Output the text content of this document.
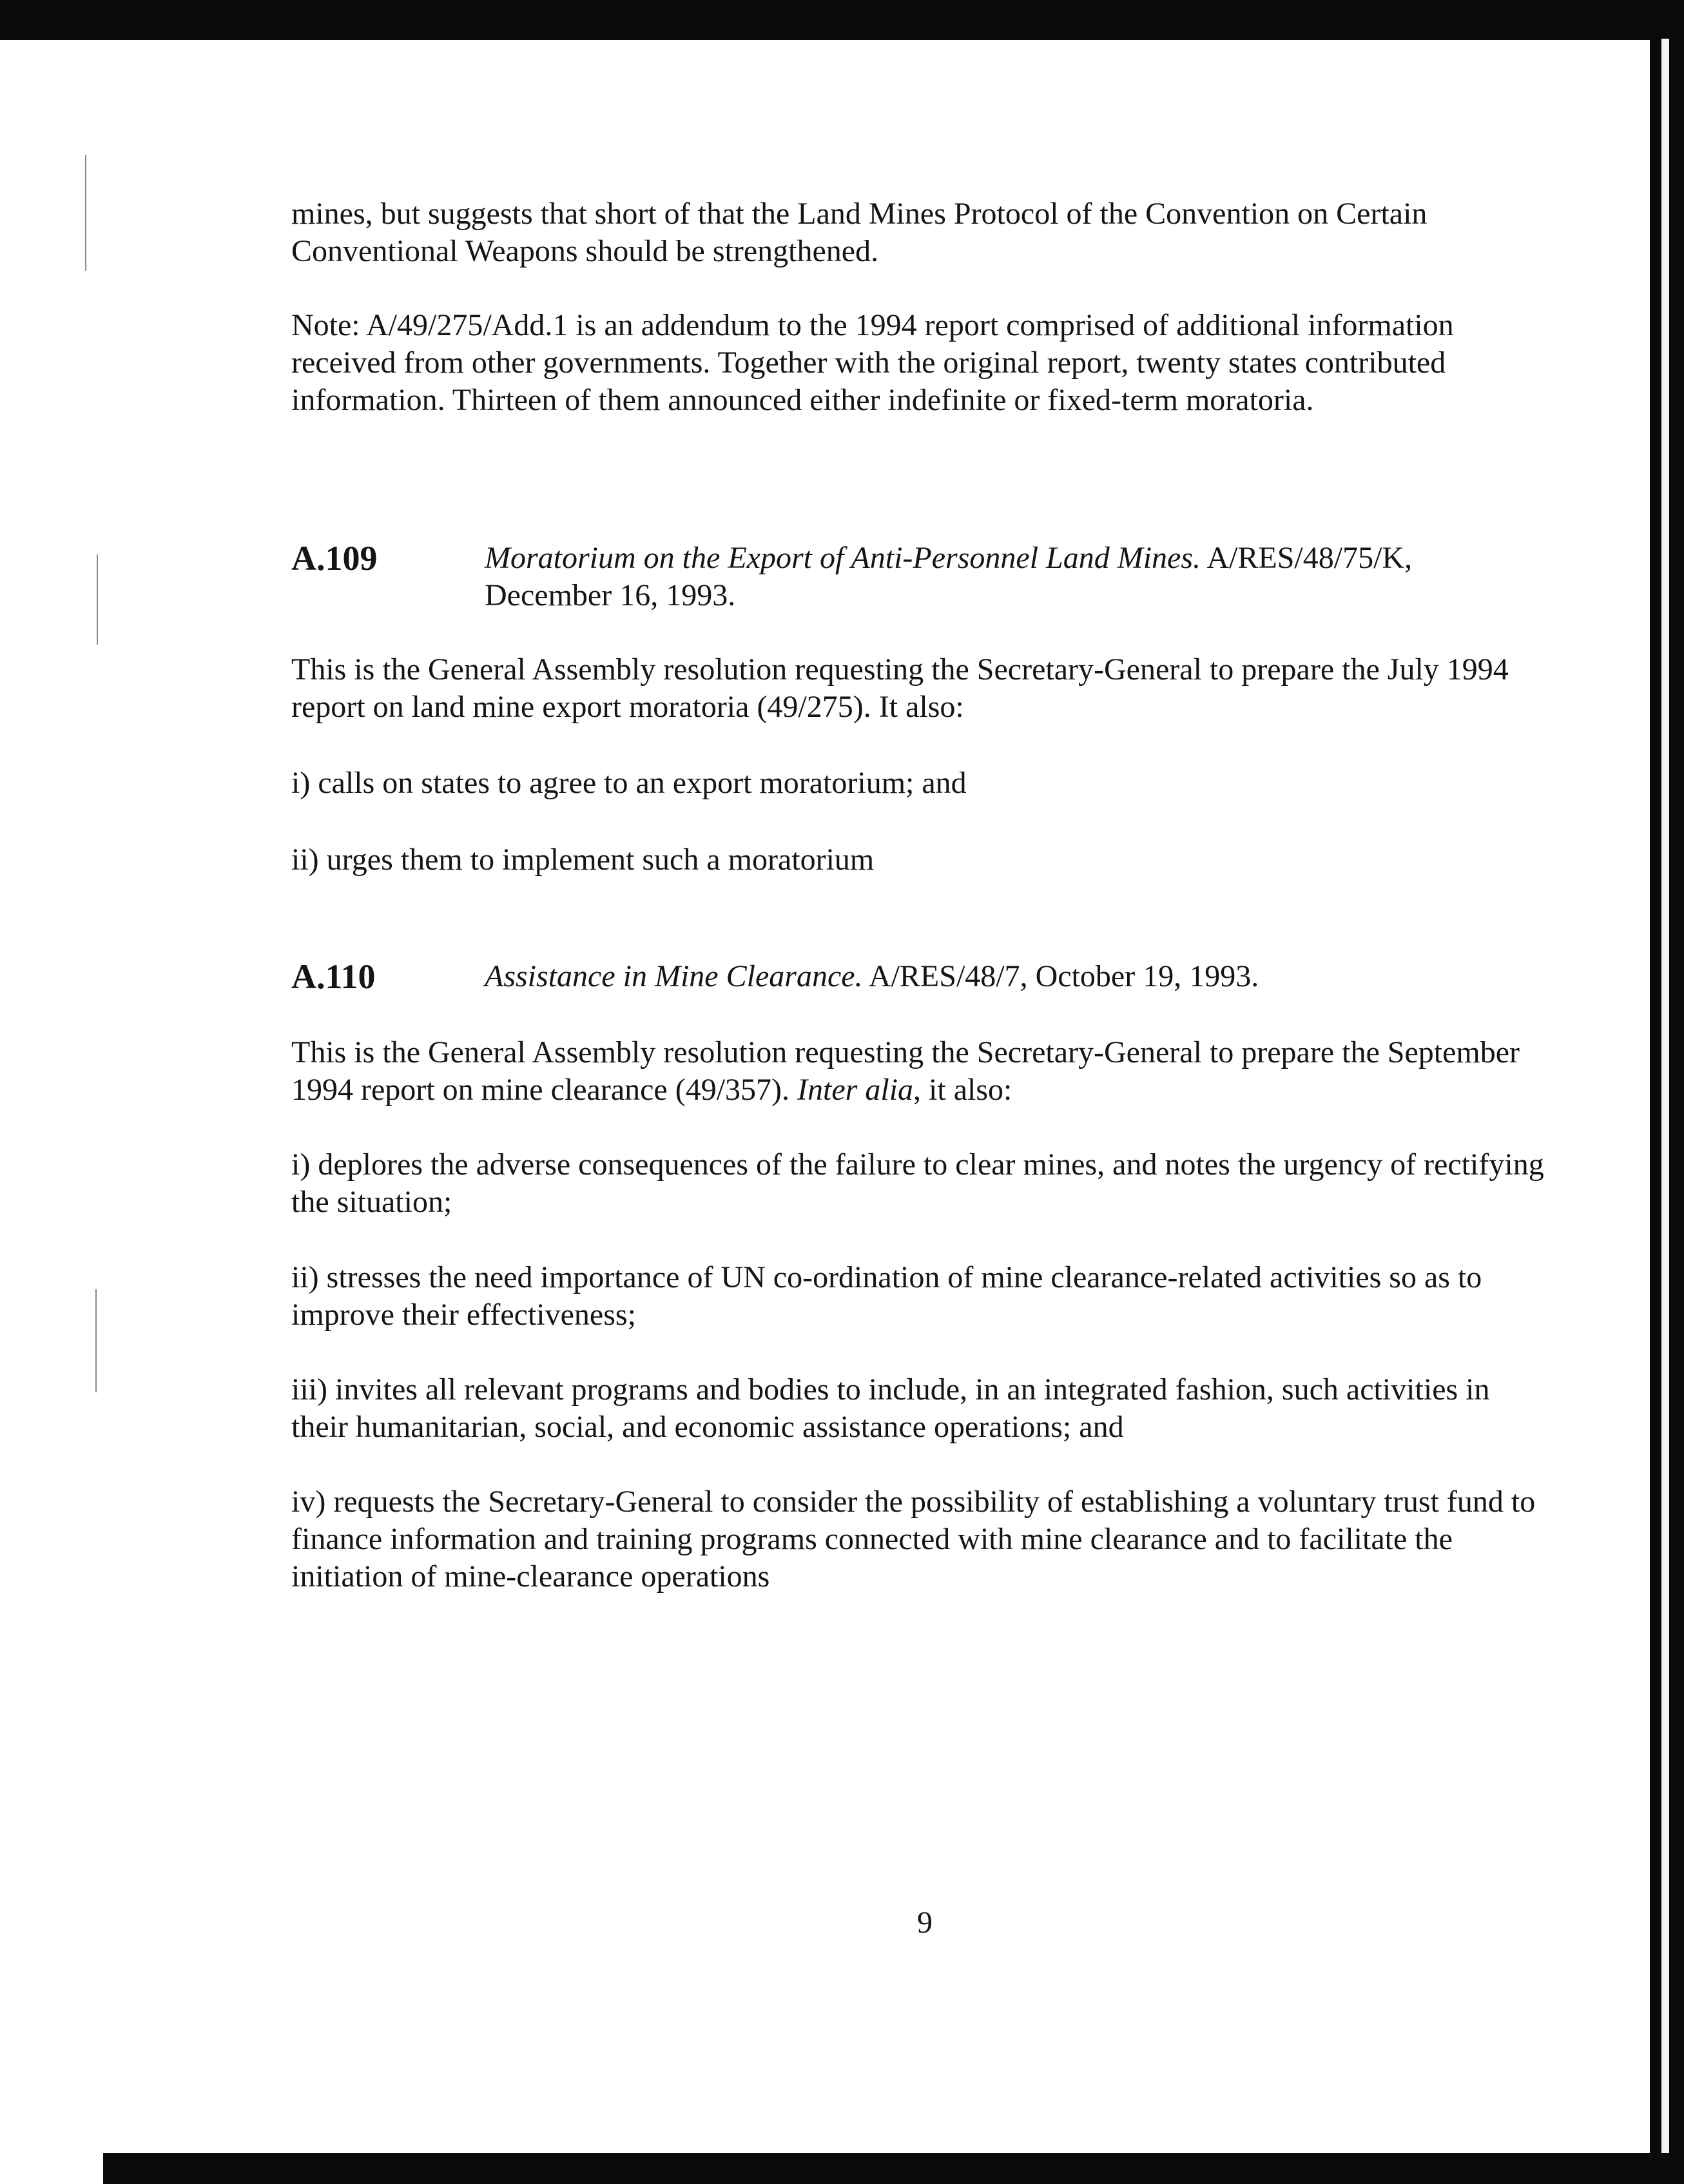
mines, but suggests that short of that the Land Mines Protocol of the Convention on Certain Conventional Weapons should be strengthened.

Note: A/49/275/Add.1 is an addendum to the 1994 report comprised of additional information received from other governments. Together with the original report, twenty states contributed information. Thirteen of them announced either indefinite or fixed-term moratoria.

A.109	Moratorium on the Export of Anti-Personnel Land Mines. A/RES/48/75/K, December 16, 1993.

This is the General Assembly resolution requesting the Secretary-General to prepare the July 1994 report on land mine export moratoria (49/275). It also:

i) calls on states to agree to an export moratorium; and

ii) urges them to implement such a moratorium

A.110	Assistance in Mine Clearance. A/RES/48/7, October 19, 1993.

This is the General Assembly resolution requesting the Secretary-General to prepare the September 1994 report on mine clearance (49/357). Inter alia, it also:

i) deplores the adverse consequences of the failure to clear mines, and notes the urgency of rectifying the situation;

ii) stresses the need importance of UN co-ordination of mine clearance-related activities so as to improve their effectiveness;

iii) invites all relevant programs and bodies to include, in an integrated fashion, such activities in their humanitarian, social, and economic assistance operations; and

iv) requests the Secretary-General to consider the possibility of establishing a voluntary trust fund to finance information and training programs connected with mine clearance and to facilitate the initiation of mine-clearance operations

9
